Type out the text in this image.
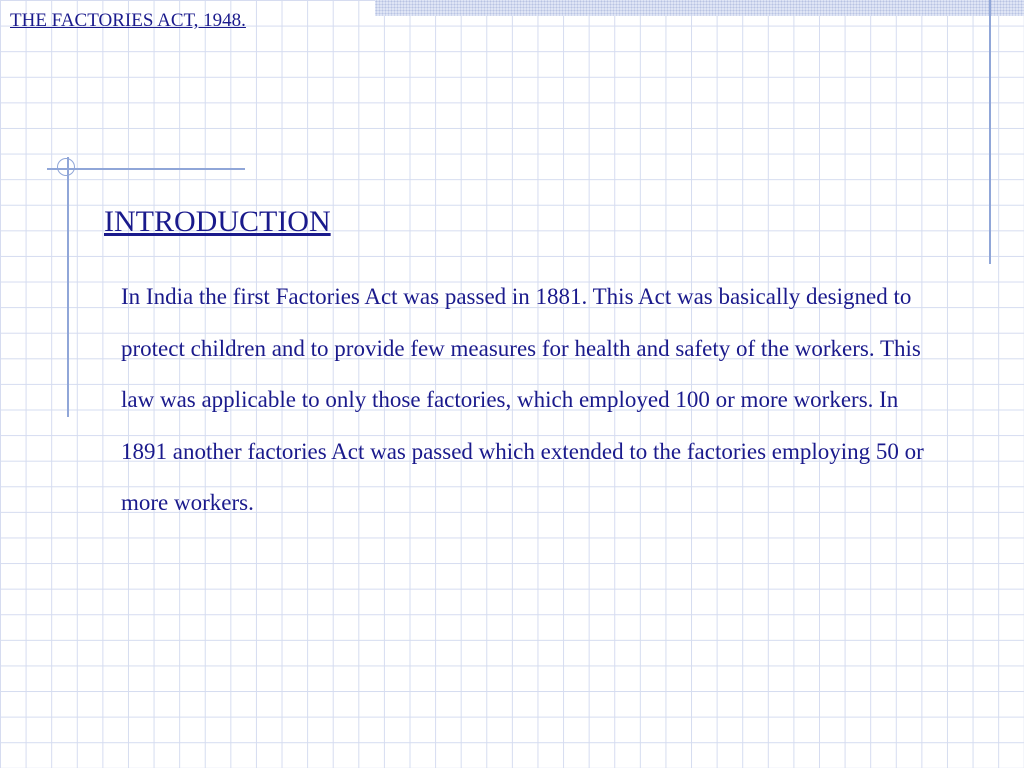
THE FACTORIES ACT, 1948.
INTRODUCTION

In India the first Factories Act was passed in 1881. This Act was basically designed to protect children and to provide few measures for health and safety of the workers. This law was applicable to only those factories, which employed 100 or more workers. In 1891 another factories Act was passed which extended to the factories employing 50 or more workers.
